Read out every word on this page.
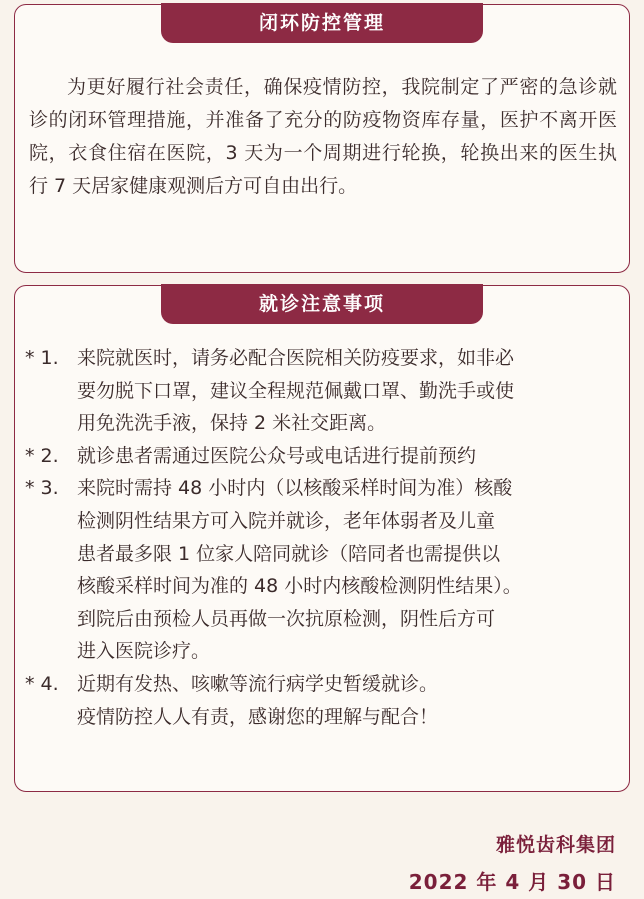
闭环防控管理

为更好履行社会责任，确保疫情防控，我院制定了严密的急诊就诊的闭环管理措施，并准备了充分的防疫物资库存量，医护不离开医院，衣食住宿在医院，3 天为一个周期进行轮换，轮换出来的医生执行 7 天居家健康观测后方可自由出行。

就诊注意事项
* 1. 来院就医时，请务必配合医院相关防疫要求，如非必
要勿脱下口罩，建议全程规范佩戴口罩、勤洗手或使
用免洗洗手液，保持 2 米社交距离。
* 2. 就诊患者需通过医院公众号或电话进行提前预约
* 3. 来院时需持 48 小时内（以核酸采样时间为准）核酸
检测阴性结果方可入院并就诊，老年体弱者及儿童
患者最多限 1 位家人陪同就诊（陪同者也需提供以
核酸采样时间为准的 48 小时内核酸检测阴性结果）。
到院后由预检人员再做一次抗原检测，阴性后方可
进入医院诊疗。
* 4. 近期有发热、咳嗽等流行病学史暂缓就诊。
疫情防控人人有责，感谢您的理解与配合！
雅悦齿科集团
2022 年 4 月 30 日
